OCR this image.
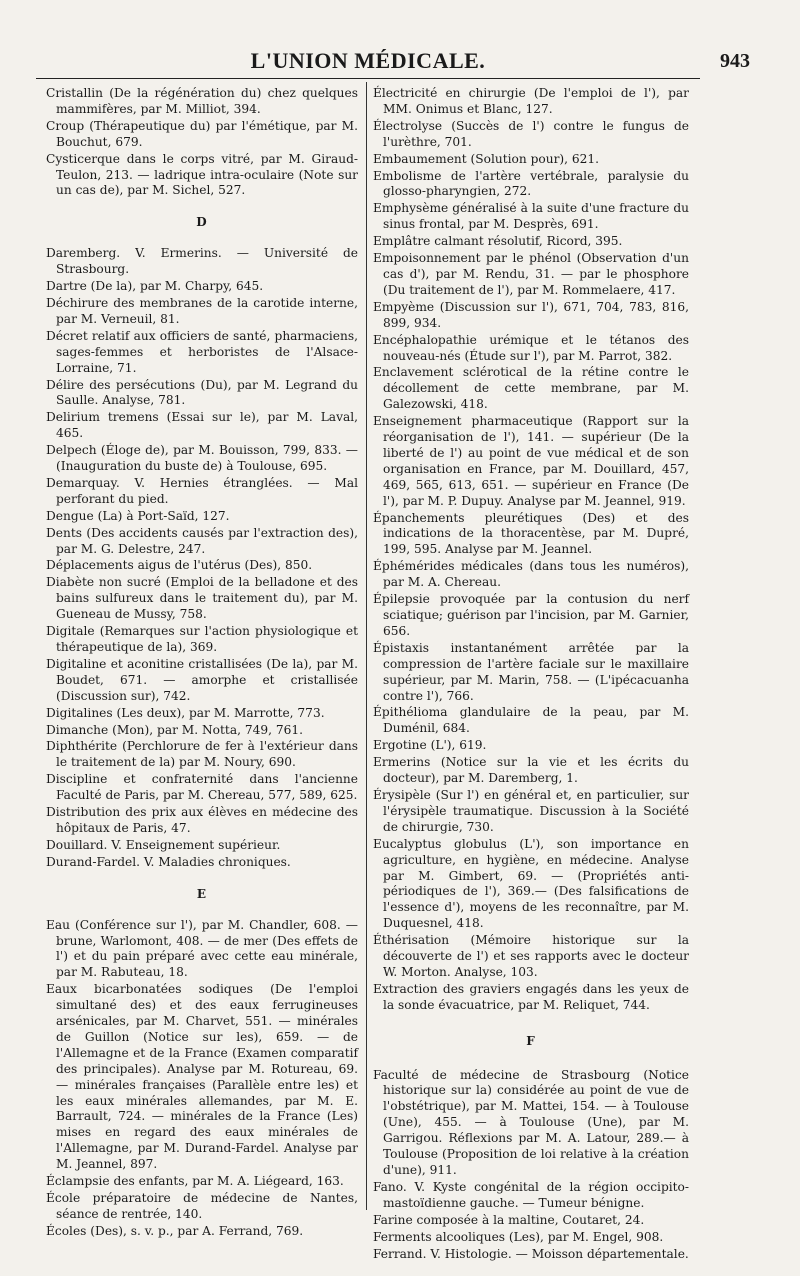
L'UNION MÉDICALE.	943

Cristallin (De la régénération du) chez quelques mammifères, par M. Milliot, 394.

Croup (Thérapeutique du) par l'émétique, par M. Bouchut, 679.

Cysticerque dans le corps vitré, par M. Giraud-Teulon, 213. — ladrique intra-oculaire (Note sur un cas de), par M. Sichel, 527.

D

Daremberg. V. Ermerins. — Université de Strasbourg.

Dartre (De la), par M. Charpy, 645.

Déchirure des membranes de la carotide interne, par M. Verneuil, 81.

Décret relatif aux officiers de santé, pharmaciens, sages-femmes et herboristes de l'Alsace-Lorraine, 71.

Délire des persécutions (Du), par M. Legrand du Saulle. Analyse, 781.

Delirium tremens (Essai sur le), par M. Laval, 465.

Delpech (Éloge de), par M. Bouisson, 799, 833. — (Inauguration du buste de) à Toulouse, 695.

Demarquay. V. Hernies étranglées. — Mal perforant du pied.

Dengue (La) à Port-Saïd, 127.

Dents (Des accidents causés par l'extraction des), par M. G. Delestre, 247.

Déplacements aigus de l'utérus (Des), 850.

Diabète non sucré (Emploi de la belladone et des bains sulfureux dans le traitement du), par M. Gueneau de Mussy, 758.

Digitale (Remarques sur l'action physiologique et thérapeutique de la), 369.

Digitaline et aconitine cristallisées (De la), par M. Boudet, 671. — amorphe et cristallisée (Discussion sur), 742.

Digitalines (Les deux), par M. Marrotte, 773.

Dimanche (Mon), par M. Notta, 749, 761.

Diphthérite (Perchlorure de fer à l'extérieur dans le traitement de la) par M. Noury, 690.

Discipline et confraternité dans l'ancienne Faculté de Paris, par M. Chereau, 577, 589, 625.

Distribution des prix aux élèves en médecine des hôpitaux de Paris, 47.

Douillard. V. Enseignement supérieur.

Durand-Fardel. V. Maladies chroniques.

E

Eau (Conférence sur l'), par M. Chandler, 608. — brune, Warlomont, 408. — de mer (Des effets de l') et du pain préparé avec cette eau minérale, par M. Rabuteau, 18.

Eaux bicarbonatées sodiques (De l'emploi simultané des) et des eaux ferrugineuses arsénicales, par M. Charvet, 551. — minérales de Guillon (Notice sur les), 659. — de l'Allemagne et de la France (Examen comparatif des principales). Analyse par M. Rotureau, 69. — minérales françaises (Parallèle entre les) et les eaux minérales allemandes, par M. E. Barrault, 724. — minérales de la France (Les) mises en regard des eaux minérales de l'Allemagne, par M. Durand-Fardel. Analyse par M. Jeannel, 897.

Éclampsie des enfants, par M. A. Liégeard, 163.

École préparatoire de médecine de Nantes, séance de rentrée, 140.

Écoles (Des), s. v. p., par A. Ferrand, 769.

Électricité en chirurgie (De l'emploi de l'), par MM. Onimus et Blanc, 127.

Électrolyse (Succès de l') contre le fungus de l'urèthre, 701.

Embaumement (Solution pour), 621.

Embolisme de l'artère vertébrale, paralysie du glosso-pharyngien, 272.

Emphysème généralisé à la suite d'une fracture du sinus frontal, par M. Desprès, 691.

Emplâtre calmant résolutif, Ricord, 395.

Empoisonnement par le phénol (Observation d'un cas d'), par M. Rendu, 31. — par le phosphore (Du traitement de l'), par M. Rommelaere, 417.

Empyème (Discussion sur l'), 671, 704, 783, 816, 899, 934.

Encéphalopathie urémique et le tétanos des nouveau-nés (Étude sur l'), par M. Parrot, 382.

Enclavement sclérotical de la rétine contre le décollement de cette membrane, par M. Galezowski, 418.

Enseignement pharmaceutique (Rapport sur la réorganisation de l'), 141. — supérieur (De la liberté de l') au point de vue médical et de son organisation en France, par M. Douillard, 457, 469, 565, 613, 651. — supérieur en France (De l'), par M. P. Dupuy. Analyse par M. Jeannel, 919.

Épanchements pleurétiques (Des) et des indications de la thoracentèse, par M. Dupré, 199, 595. Analyse par M. Jeannel.

Éphémérides médicales (dans tous les numéros), par M. A. Chereau.

Épilepsie provoquée par la contusion du nerf sciatique; guérison par l'incision, par M. Garnier, 656.

Épistaxis instantanément arrêtée par la compression de l'artère faciale sur le maxillaire supérieur, par M. Marin, 758. — (L'ipécacuanha contre l'), 766.

Épithélioma glandulaire de la peau, par M. Duménil, 684.

Ergotine (L'), 619.

Ermerins (Notice sur la vie et les écrits du docteur), par M. Daremberg, 1.

Érysipèle (Sur l') en général et, en particulier, sur l'érysipèle traumatique. Discussion à la Société de chirurgie, 730.

Eucalyptus globulus (L'), son importance en agriculture, en hygiène, en médecine. Analyse par M. Gimbert, 69. — (Propriétés anti-périodiques de l'), 369.— (Des falsifications de l'essence d'), moyens de les reconnaître, par M. Duquesnel, 418.

Éthérisation (Mémoire historique sur la découverte de l') et ses rapports avec le docteur W. Morton. Analyse, 103.

Extraction des graviers engagés dans les yeux de la sonde évacuatrice, par M. Reliquet, 744.

F

Faculté de médecine de Strasbourg (Notice historique sur la) considérée au point de vue de l'obstétrique), par M. Mattei, 154. — à Toulouse (Une), 455. — à Toulouse (Une), par M. Garrigou. Réflexions par M. A. Latour, 289.— à Toulouse (Proposition de loi relative à la création d'une), 911.

Fano. V. Kyste congénital de la région occipito-mastoïdienne gauche. — Tumeur bénigne.

Farine composée à la maltine, Coutaret, 24.

Ferments alcooliques (Les), par M. Engel, 908.

Ferrand. V. Histologie. — Moisson départementale.
